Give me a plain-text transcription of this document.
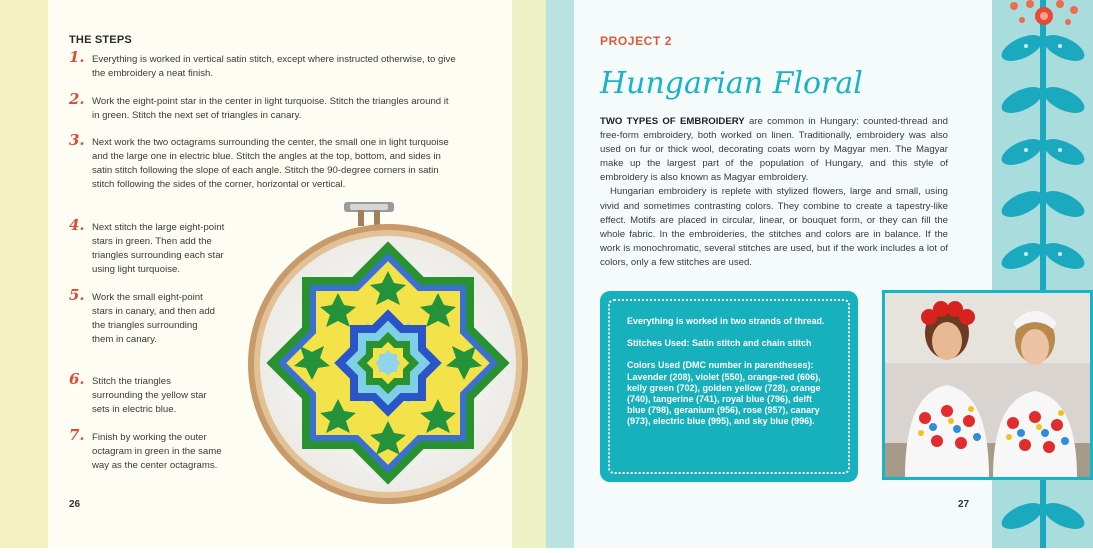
THE STEPS
1. Everything is worked in vertical satin stitch, except where instructed otherwise, to give the embroidery a neat finish.
2. Work the eight-point star in the center in light turquoise. Stitch the triangles around it in green. Stitch the next set of triangles in canary.
3. Next work the two octagrams surrounding the center, the small one in light turquoise and the large one in electric blue. Stitch the angles at the top, bottom, and sides in satin stitch following the slope of each angle. Stitch the 90-degree corners in satin stitch following the sides of the corner, horizontal or vertical.
4. Next stitch the large eight-point stars in green. Then add the triangles surrounding each star using light turquoise.
5. Work the small eight-point stars in canary, and then add the triangles surrounding them in canary.
6. Stitch the triangles surrounding the yellow star sets in electric blue.
7. Finish by working the outer octagram in green in the same way as the center octagrams.
26
PROJECT 2
Hungarian Floral

TWO TYPES OF EMBROIDERY are common in Hungary: counted-thread and free-form embroidery, both worked on linen. Traditionally, embroidery was also used on fur or thick wool, decorating coats worn by Magyar men. The Magyar make up the largest part of the population of Hungary, and this style of embroidery is also known as Magyar embroidery.

Hungarian embroidery is replete with stylized flowers, large and small, using vivid and sometimes contrasting colors. They combine to create a tapestry-like effect. Motifs are placed in circular, linear, or bouquet form, or they can fill the whole fabric. In the embroideries, the stitches and colors are in balance. If the work is monochromatic, several stitches are used, but if the work includes a lot of colors, only a few stitches are used.

Everything is worked in two strands of thread.

Stitches Used: Satin stitch and chain stitch

Colors Used (DMC number in parentheses): Lavender (208), violet (550), orange-red (606), kelly green (702), golden yellow (728), orange (740), tangerine (741), royal blue (796), delft blue (798), geranium (956), rose (957), canary (973), electric blue (995), and sky blue (996).

27
